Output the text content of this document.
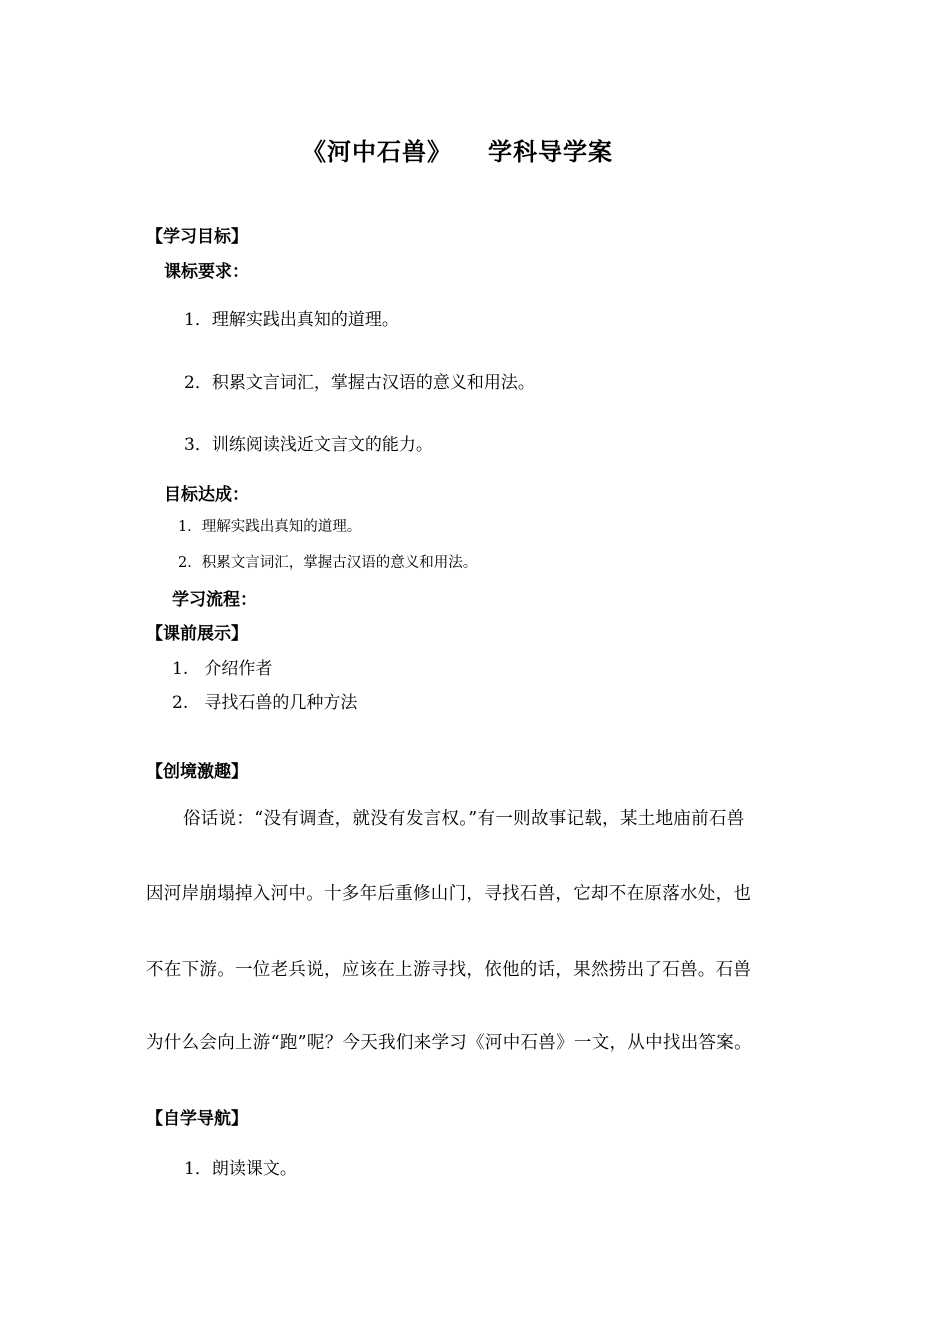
《河中石兽》 学科导学案
【学习目标】
课标要求：
1．理解实践出真知的道理。
2．积累文言词汇，掌握古汉语的意义和用法。
3．训练阅读浅近文言文的能力。
目标达成：
1．理解实践出真知的道理。
2．积累文言词汇，掌握古汉语的意义和用法。
学习流程：
【课前展示】
1.   介绍作者
2.   寻找石兽的几种方法
【创境激趣】
俗话说：“没有调查，就没有发言权。”有一则故事记载，某土地庙前石兽
因河岸崩塌掉入河中。十多年后重修山门，寻找石兽，它却不在原落水处，也
不在下游。一位老兵说，应该在上游寻找，依他的话，果然捞出了石兽。石兽
为什么会向上游“跑”呢？今天我们来学习《河中石兽》一文，从中找出答案。
【自学导航】
1．朗读课文。
